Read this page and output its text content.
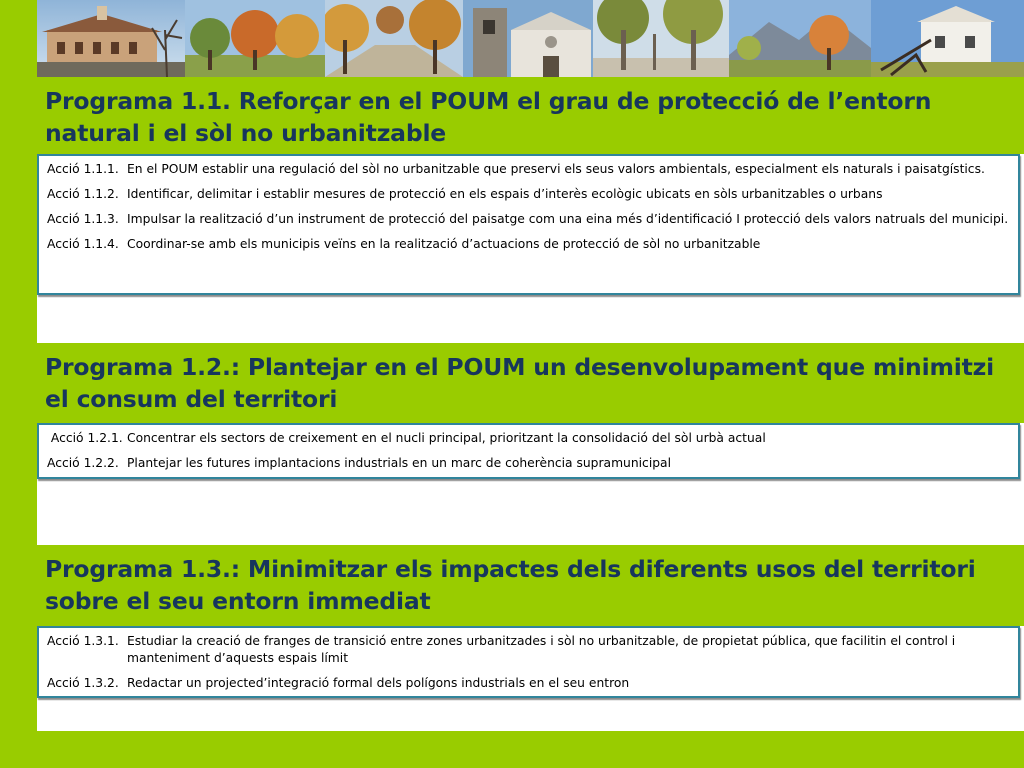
Programa 1.1. Reforçar en el POUM el grau de protecció de l’entorn natural i el sòl no urbanitzable
Acció 1.1.1. En el POUM establir una regulació del sòl no urbanitzable que preservi els seus valors ambientals, especialment els naturals i paisatgístics.
Acció 1.1.2. Identificar, delimitar i establir mesures de protecció en els espais d’interès ecològic ubicats en sòls urbanitzables o urbans
Acció 1.1.3. Impulsar la realització d’un instrument de protecció del paisatge com una eina més d’identificació I protecció dels valors natruals del municipi.
Acció 1.1.4. Coordinar-se amb els municipis veïns en la realització d’actuacions de protecció de sòl no urbanitzable
Programa 1.2.: Plantejar en el POUM un desenvolupament que minimitzi el consum del territori
Acció 1.2.1. Concentrar els sectors de creixement en el nucli principal, prioritzant la consolidació del sòl urbà actual
Acció 1.2.2. Plantejar les futures implantacions industrials en un marc de coherència supramunicipal
Programa 1.3.: Minimitzar els impactes dels diferents usos del territori sobre el seu entorn immediat
Acció 1.3.1. Estudiar la creació de franges de transició entre zones urbanitzades i sòl no urbanitzable, de propietat pública, que facilitin el control i manteniment d’aquests espais límit
Acció 1.3.2. Redactar un projected’integració formal dels polígons industrials en el seu entron
